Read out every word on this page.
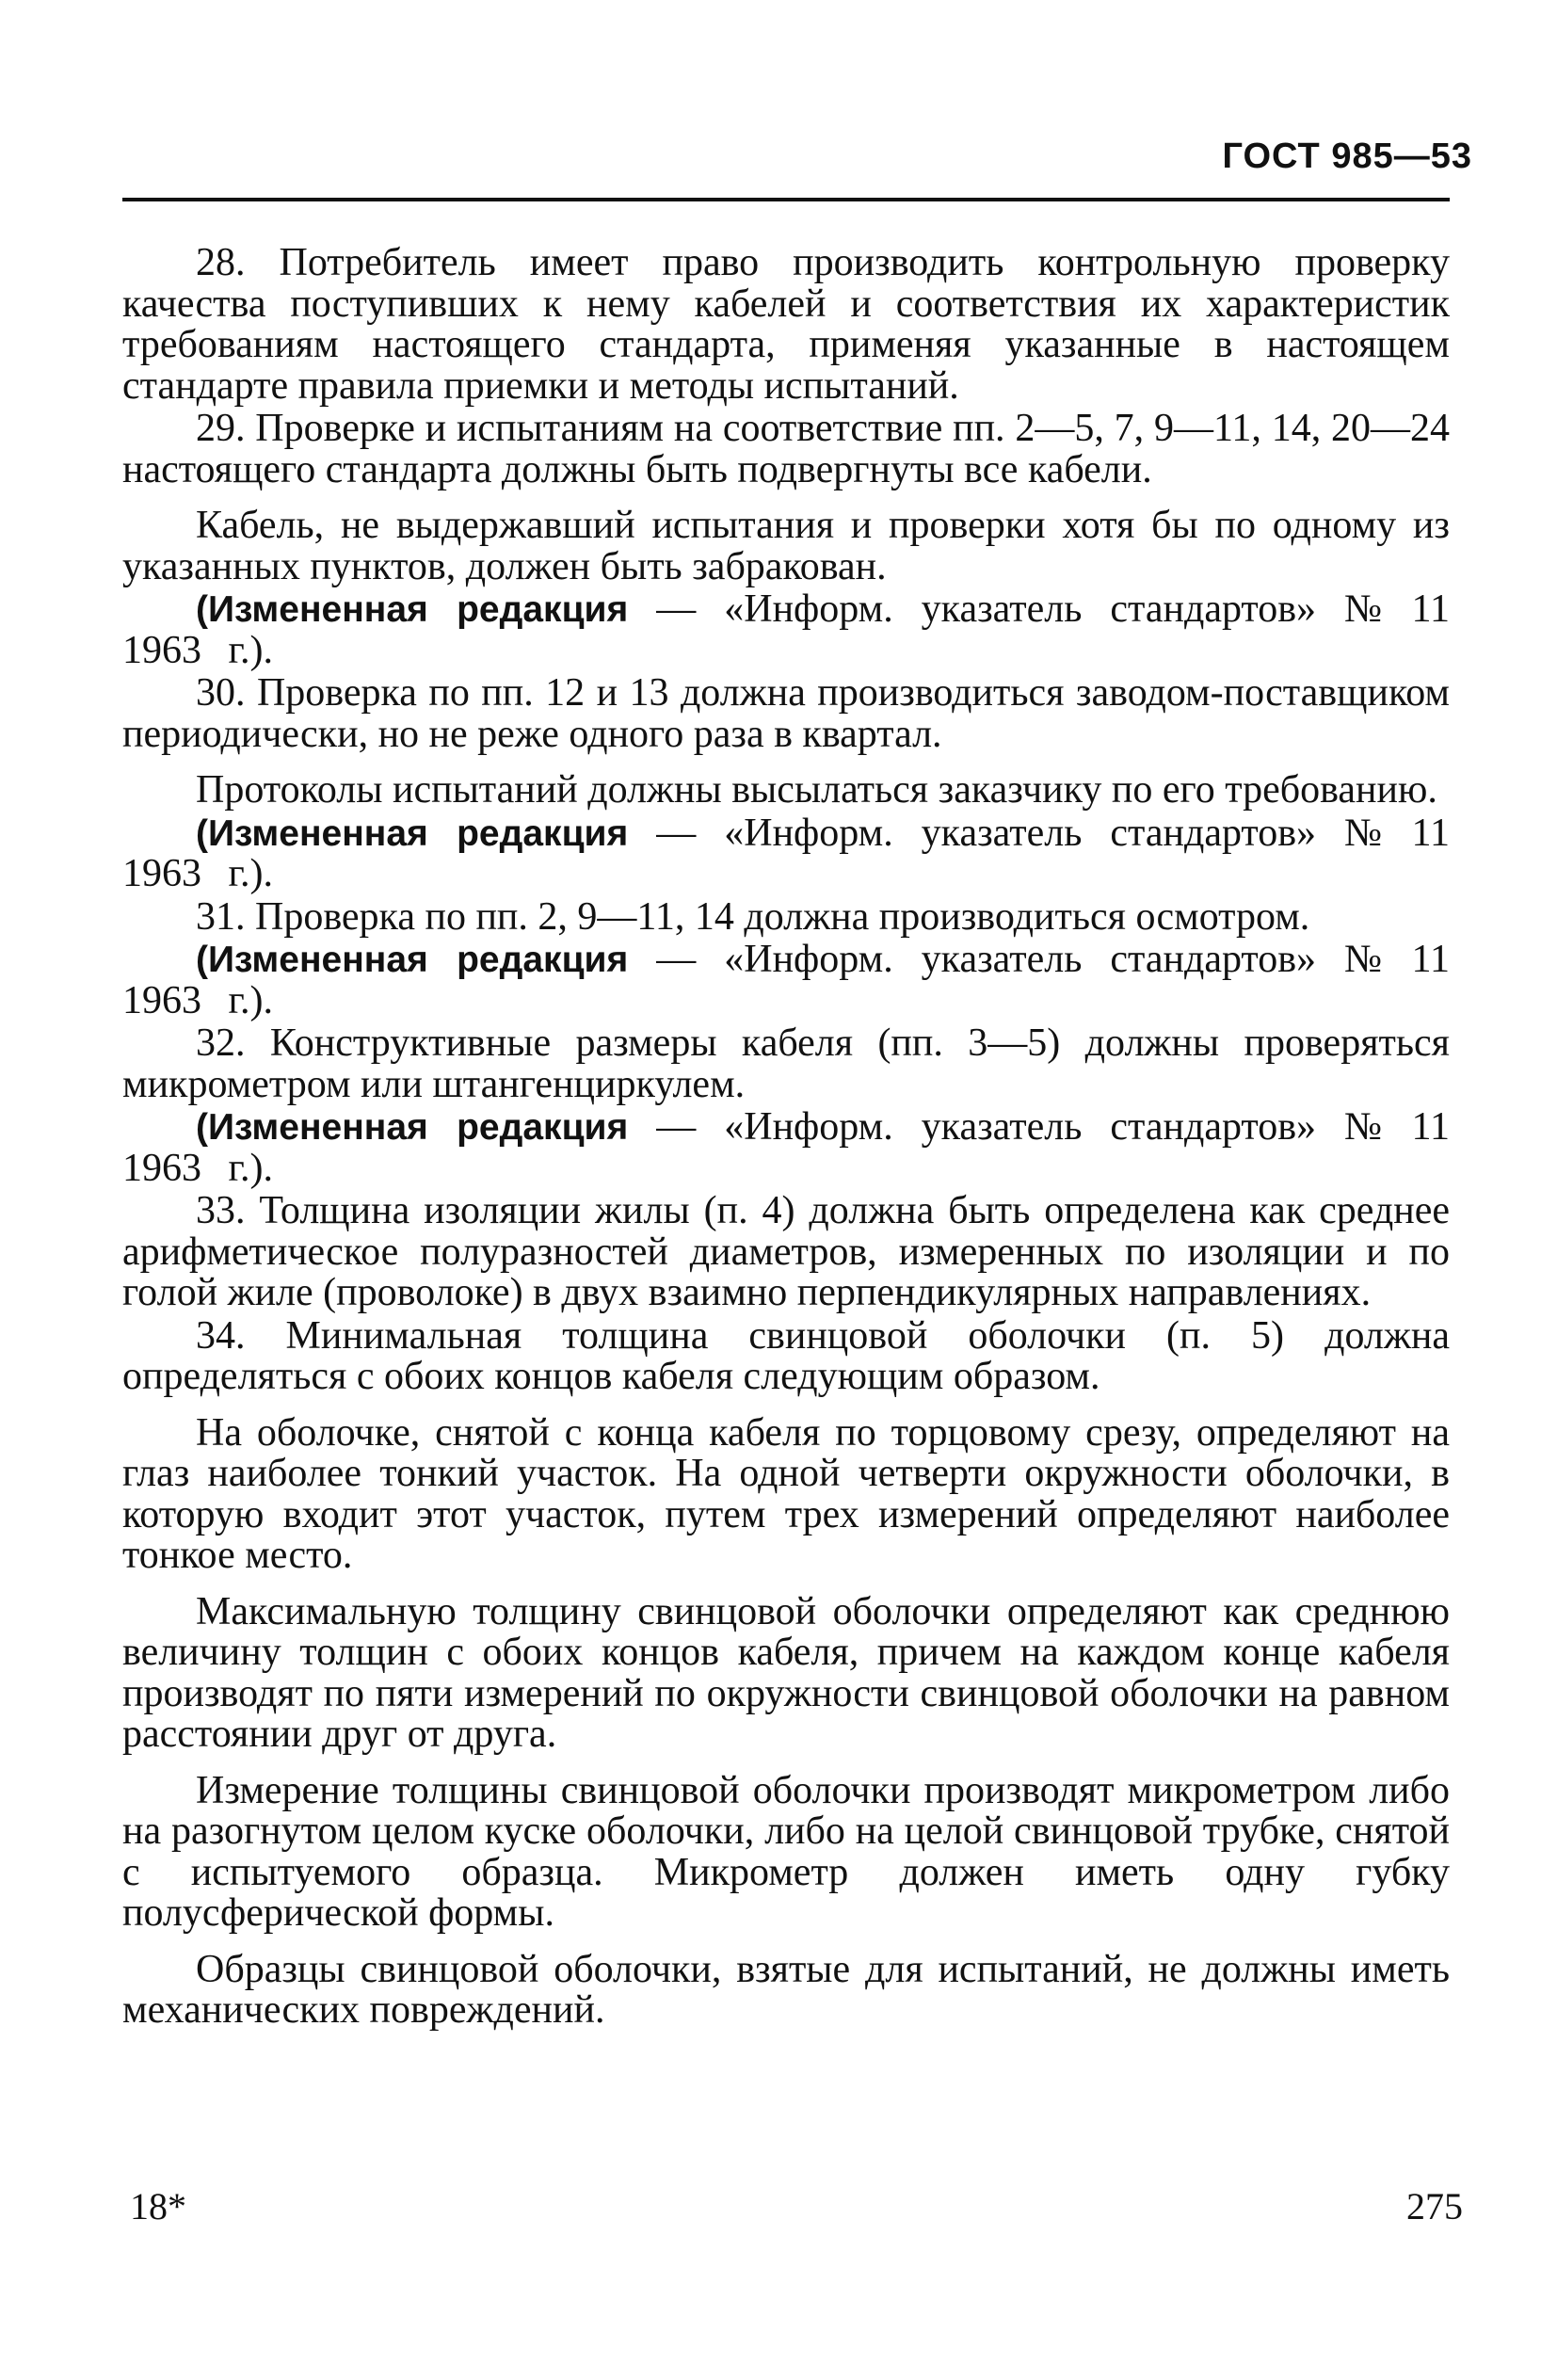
ГОСТ 985—53

28. Потребитель имеет право производить контрольную проверку качества поступивших к нему кабелей и соответствия их характеристик требованиям настоящего стандарта, применяя указанные в настоящем стандарте правила приемки и методы испытаний.

29. Проверке и испытаниям на соответствие пп. 2—5, 7, 9—11, 14, 20—24 настоящего стандарта должны быть подвергнуты все кабели.

Кабель, не выдержавший испытания и проверки хотя бы по одному из указанных пунктов, должен быть забракован.

(Измененная редакция — «Информ. указатель стандартов» № 11 1963 г.).

30. Проверка по пп. 12 и 13 должна производиться заводом-поставщиком периодически, но не реже одного раза в квартал.

Протоколы испытаний должны высылаться заказчику по его требованию.

(Измененная редакция — «Информ. указатель стандартов» № 11 1963 г.).

31. Проверка по пп. 2, 9—11, 14 должна производиться осмотром.

(Измененная редакция — «Информ. указатель стандартов» № 11 1963 г.).

32. Конструктивные размеры кабеля (пп. 3—5) должны проверяться микрометром или штангенциркулем.

(Измененная редакция — «Информ. указатель стандартов» № 11 1963 г.).

33. Толщина изоляции жилы (п. 4) должна быть определена как среднее арифметическое полуразностей диаметров, измеренных по изоляции и по голой жиле (проволоке) в двух взаимно перпендикулярных направлениях.

34. Минимальная толщина свинцовой оболочки (п. 5) должна определяться с обоих концов кабеля следующим образом.

На оболочке, снятой с конца кабеля по торцовому срезу, определяют на глаз наиболее тонкий участок. На одной четверти окружности оболочки, в которую входит этот участок, путем трех измерений определяют наиболее тонкое место.

Максимальную толщину свинцовой оболочки определяют как среднюю величину толщин с обоих концов кабеля, причем на каждом конце кабеля производят по пяти измерений по окружности свинцовой оболочки на равном расстоянии друг от друга.

Измерение толщины свинцовой оболочки производят микрометром либо на разогнутом целом куске оболочки, либо на целой свинцовой трубке, снятой с испытуемого образца. Микрометр должен иметь одну губку полусферической формы.

Образцы свинцовой оболочки, взятые для испытаний, не должны иметь механических повреждений.

18*	275
